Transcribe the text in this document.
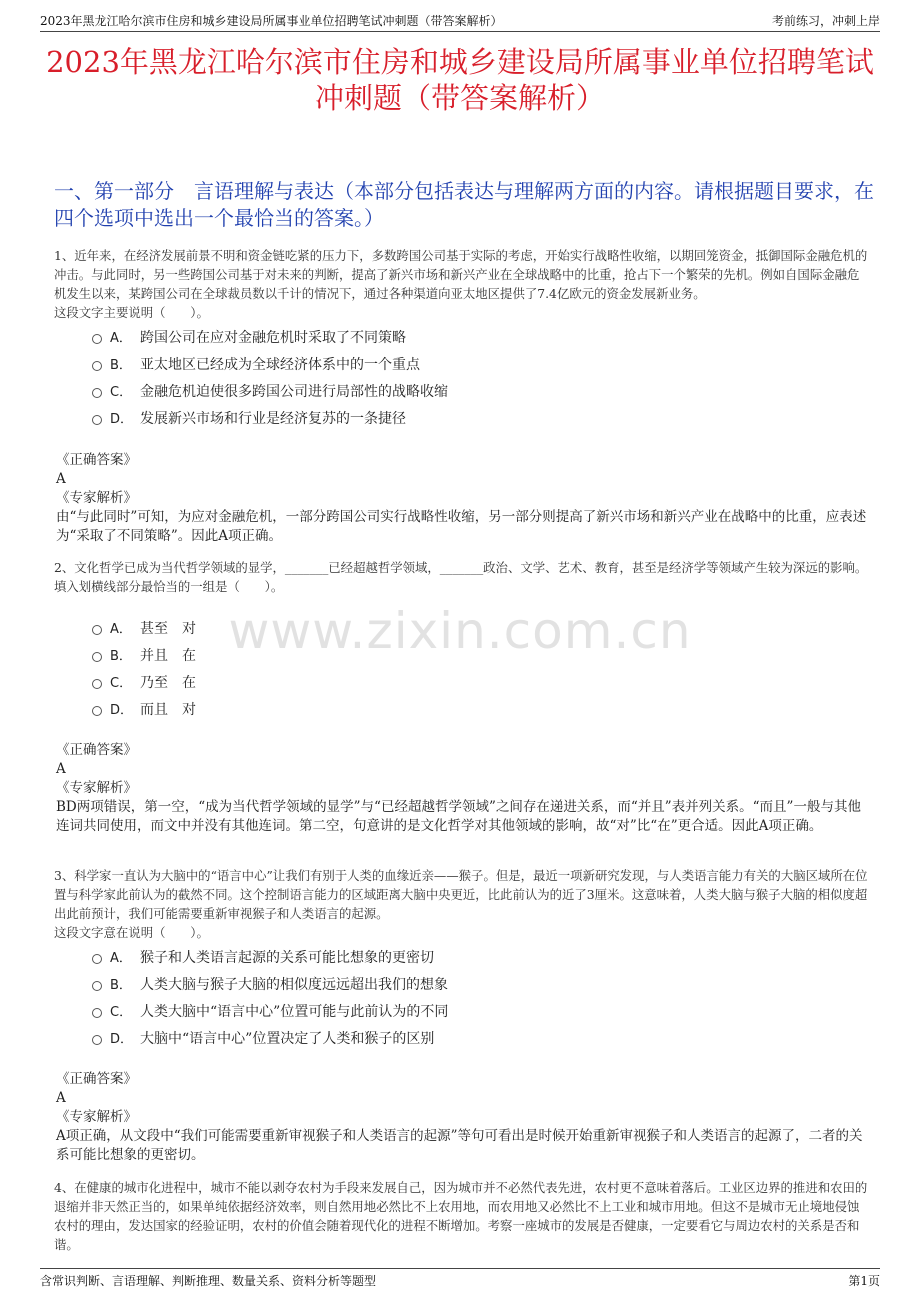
2023年黑龙江哈尔滨市住房和城乡建设局所属事业单位招聘笔试冲刺题（带答案解析）	考前练习，冲刺上岸
2023年黑龙江哈尔滨市住房和城乡建设局所属事业单位招聘笔试冲刺题（带答案解析）
一、第一部分　言语理解与表达（本部分包括表达与理解两方面的内容。请根据题目要求，在四个选项中选出一个最恰当的答案。）
www.zixin.com.cn
1、近年来，在经济发展前景不明和资金链吃紧的压力下，多数跨国公司基于实际的考虑，开始实行战略性收缩，以期回笼资金，抵御国际金融危机的冲击。与此同时，另一些跨国公司基于对未来的判断，提高了新兴市场和新兴产业在全球战略中的比重，抢占下一个繁荣的先机。例如自国际金融危机发生以来，某跨国公司在全球裁员数以千计的情况下，通过各种渠道向亚太地区提供了7.4亿欧元的资金发展新业务。
这段文字主要说明（　　）。
A． 跨国公司在应对金融危机时采取了不同策略
B． 亚太地区已经成为全球经济体系中的一个重点
C． 金融危机迫使很多跨国公司进行局部性的战略收缩
D． 发展新兴市场和行业是经济复苏的一条捷径
《正确答案》
A
《专家解析》
由“与此同时”可知，为应对金融危机，一部分跨国公司实行战略性收缩，另一部分则提高了新兴市场和新兴产业在战略中的比重，应表述为“采取了不同策略”。因此A项正确。
2、文化哲学已成为当代哲学领域的显学，_______已经超越哲学领域，_______政治、文学、艺术、教育，甚至是经济学等领域产生较为深远的影响。
填入划横线部分最恰当的一组是（　　）。
A． 甚至　对
B． 并且　在
C． 乃至　在
D． 而且　对
《正确答案》
A
《专家解析》
BD两项错误，第一空，“成为当代哲学领域的显学”与“已经超越哲学领域”之间存在递进关系，而“并且”表并列关系。“而且”一般与其他连词共同使用，而文中并没有其他连词。第二空，句意讲的是文化哲学对其他领域的影响，故“对”比“在”更合适。因此A项正确。
3、科学家一直认为大脑中的“语言中心”让我们有别于人类的血缘近亲——猴子。但是，最近一项新研究发现，与人类语言能力有关的大脑区域所在位置与科学家此前认为的截然不同。这个控制语言能力的区域距离大脑中央更近，比此前认为的近了3厘米。这意味着，人类大脑与猴子大脑的相似度超出此前预计，我们可能需要重新审视猴子和人类语言的起源。
这段文字意在说明（　　）。
A． 猴子和人类语言起源的关系可能比想象的更密切
B． 人类大脑与猴子大脑的相似度远远超出我们的想象
C． 人类大脑中“语言中心”位置可能与此前认为的不同
D． 大脑中“语言中心”位置决定了人类和猴子的区别
《正确答案》
A
《专家解析》
A项正确，从文段中“我们可能需要重新审视猴子和人类语言的起源”等句可看出是时候开始重新审视猴子和人类语言的起源了，二者的关系可能比想象的更密切。
4、在健康的城市化进程中，城市不能以剥夺农村为手段来发展自己，因为城市并不必然代表先进，农村更不意味着落后。工业区边界的推进和农田的退缩并非天然正当的，如果单纯依据经济效率，则自然用地必然比不上农用地，而农用地又必然比不上工业和城市用地。但这不是城市无止境地侵蚀农村的理由，发达国家的经验证明，农村的价值会随着现代化的进程不断增加。考察一座城市的发展是否健康，一定要看它与周边农村的关系是否和谐。
含常识判断、言语理解、判断推理、数量关系、资料分析等题型	第1页
